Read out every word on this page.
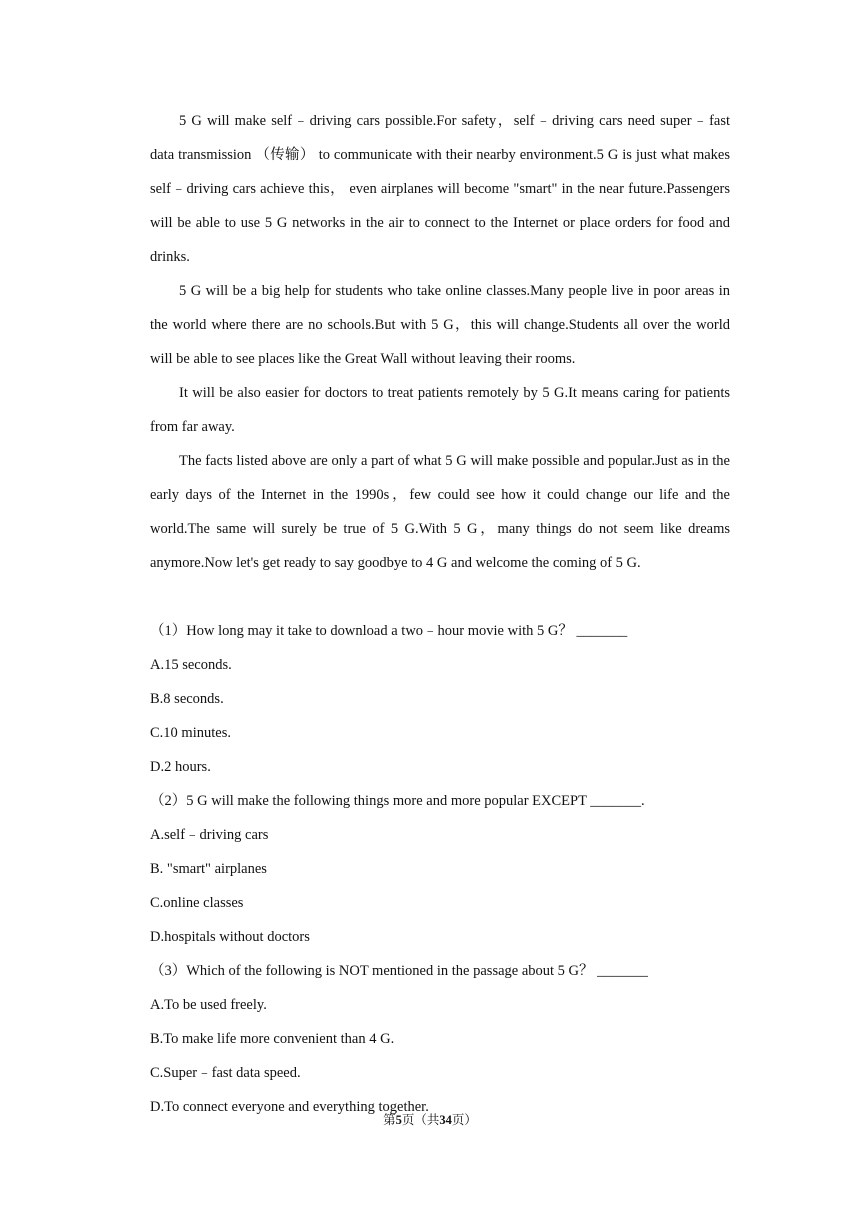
5 G will make self﹣driving cars possible.For safety，self﹣driving cars need super﹣fast data transmission （传输） to communicate with their nearby environment.5 G is just what makes self﹣driving cars achieve this， even airplanes will become "smart" in the near future.Passengers will be able to use 5 G networks in the air to connect to the Internet or place orders for food and drinks.

5 G will be a big help for students who take online classes.Many people live in poor areas in the world where there are no schools.But with 5 G，this will change.Students all over the world will be able to see places like the Great Wall without leaving their rooms.

It will be also easier for doctors to treat patients remotely by 5 G.It means caring for patients from far away.

The facts listed above are only a part of what 5 G will make possible and popular.Just as in the early days of the Internet in the 1990s，few could see how it could change our life and the world.The same will surely be true of 5 G.With 5 G，many things do not seem like dreams anymore.Now let's get ready to say goodbye to 4 G and welcome the coming of 5 G.

（1）How long may it take to download a two﹣hour movie with 5 G？ _______

A.15 seconds.

B.8 seconds.

C.10 minutes.

D.2 hours.

（2）5 G will make the following things more and more popular EXCEPT _______.

A.self﹣driving cars

B. "smart" airplanes

C.online classes

D.hospitals without doctors

（3）Which of the following is NOT mentioned in the passage about 5 G？ _______

A.To be used freely.

B.To make life more convenient than 4 G.

C.Super﹣fast data speed.

D.To connect everyone and everything together.

第5页（共34页）
